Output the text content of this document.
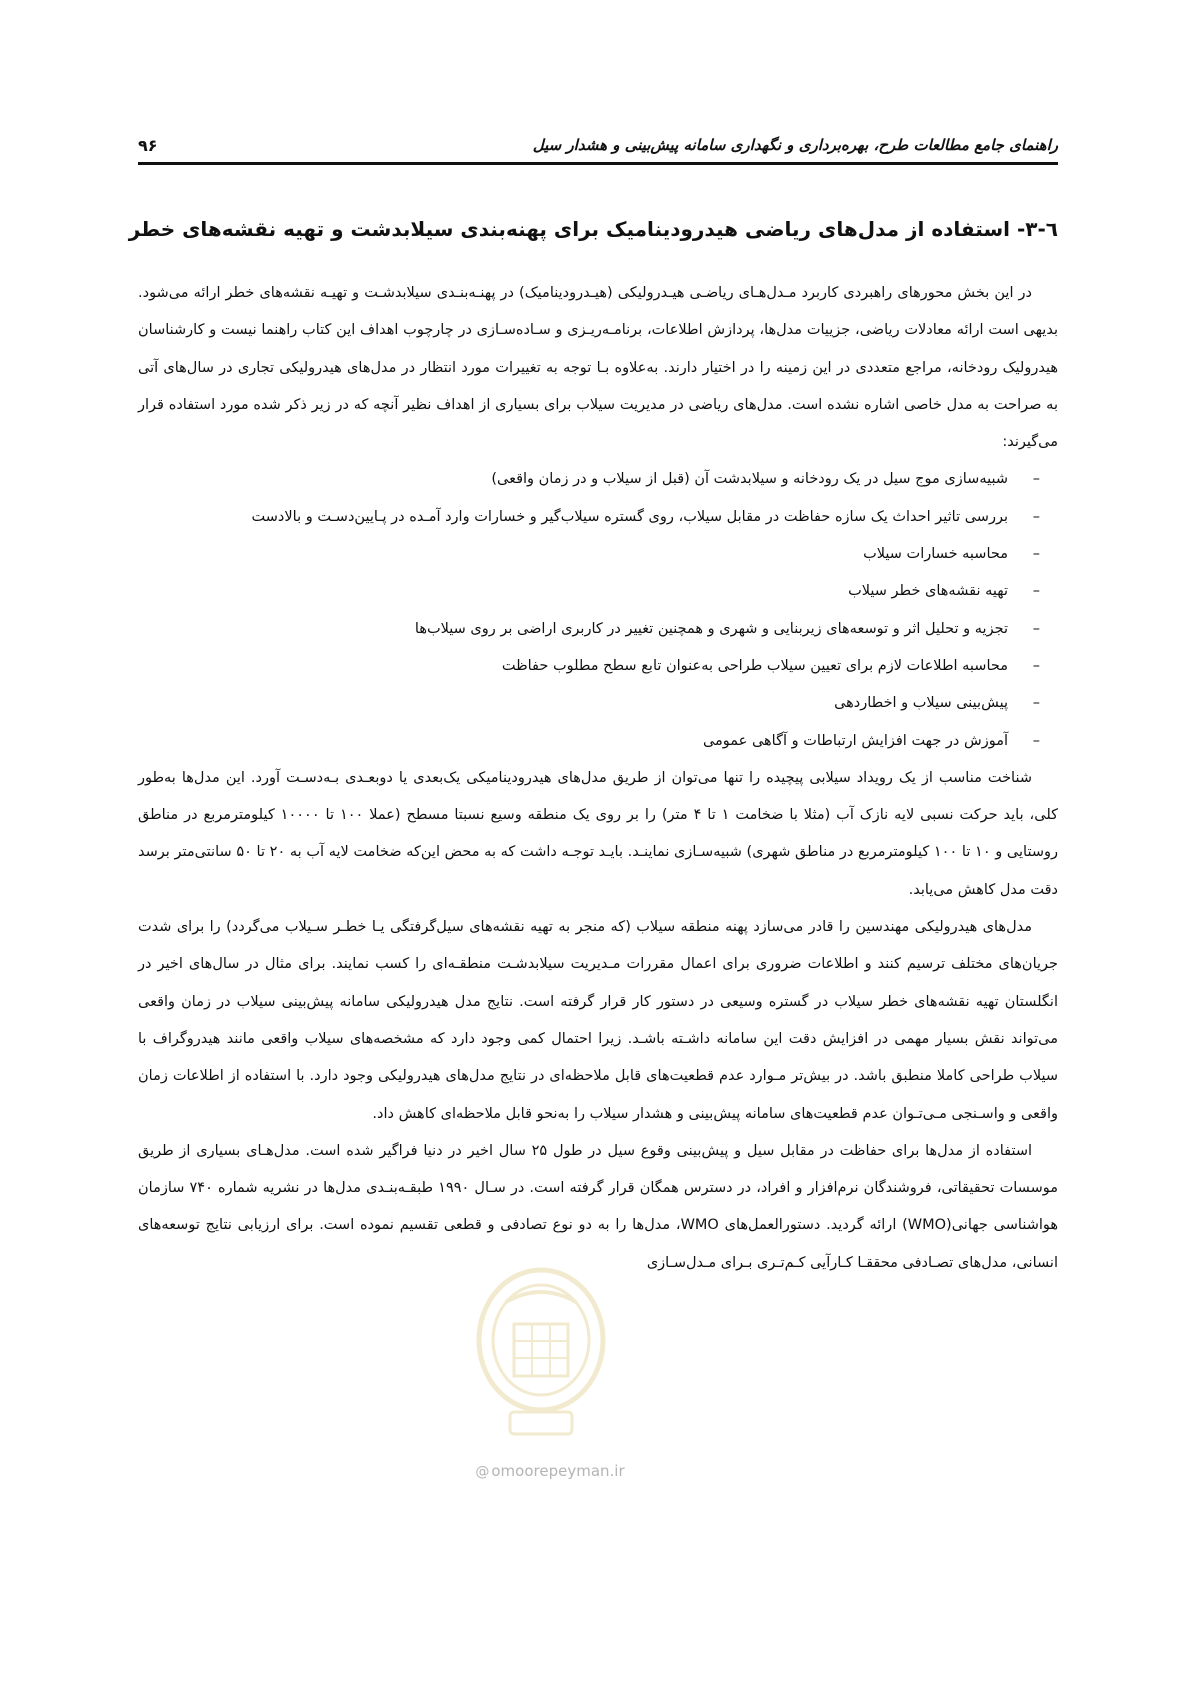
راهنمای جامع مطالعات طرح، بهره‌برداری و نگهداری سامانه پیش‌بینی و هشدار سیل
۹۶
٦-٣- استفاده از مدل‌های ریاضی هیدرودینامیک برای پهنه‌بندی سیلابدشت و تهیه نقشه‌های خطر

در این بخش محورهای راهبردی کاربرد مـدل‌هـای ریاضـی هیـدرولیکی (هیـدرودینامیک) در پهنـه‌بنـدی سیلابدشـت و تهیـه نقشه‌های خطر ارائه می‌شود. بدیهی است ارائه معادلات ریاضی، جزییات مدل‌ها، پردازش اطلاعات، برنامـه‌ریـزی و سـاده‌سـازی در چارچوب اهداف این کتاب راهنما نیست و کارشناسان هیدرولیک رودخانه، مراجع متعددی در این زمینه را در اختیار دارند. به‌علاوه بـا توجه به تغییرات مورد انتظار در مدل‌های هیدرولیکی تجاری در سال‌های آتی به صراحت به مدل خاصی اشاره نشده است. مدل‌های ریاضی در مدیریت سیلاب برای بسیاری از اهداف نظیر آنچه که در زیر ذکر شده مورد استفاده قرار می‌گیرند:

– شبیه‌سازی موج سیل در یک رودخانه و سیلابدشت آن (قبل از سیلاب و در زمان واقعی)
– بررسی تاثیر احداث یک سازه حفاظت در مقابل سیلاب، روی گستره سیلاب‌گیر و خسارات وارد آمـده در پـایین‌دسـت و بالادست
– محاسبه خسارات سیلاب
– تهیه نقشه‌های خطر سیلاب
– تجزیه و تحلیل اثر و توسعه‌های زیربنایی و شهری و همچنین تغییر در کاربری اراضی بر روی سیلاب‌ها
– محاسبه اطلاعات لازم برای تعیین سیلاب طراحی به‌عنوان تابع سطح مطلوب حفاظت
– پیش‌بینی سیلاب و اخطاردهی
– آموزش در جهت افزایش ارتباطات و آگاهی عمومی

شناخت مناسب از یک رویداد سیلابی پیچیده را تنها می‌توان از طریق مدل‌های هیدرودینامیکی یک‌بعدی یا دوبعـدی بـه‌دسـت آورد. این مدل‌ها به‌طور کلی، باید حرکت نسبی لایه نازک آب (مثلا با ضخامت ۱ تا ۴ متر) را بر روی یک منطقه وسیع نسبتا مسطح (عملا ۱۰۰ تا ۱۰۰۰۰ کیلومترمربع در مناطق روستایی و ۱۰ تا ۱۰۰ کیلومترمربع در مناطق شهری) شبیه‌سـازی نماینـد. بایـد توجـه داشت که به محض این‌که ضخامت لایه آب به ۲۰ تا ۵۰ سانتی‌متر برسد دقت مدل کاهش می‌یابد.

مدل‌های هیدرولیکی مهندسین را قادر می‌سازد پهنه منطقه سیلاب (که منجر به تهیه نقشه‌های سیل‌گرفتگی یـا خطـر سـیلاب می‌گردد) را برای شدت جریان‌های مختلف ترسیم کنند و اطلاعات ضروری برای اعمال مقررات مـدیریت سیلابدشـت منطقـه‌ای را کسب نمایند. برای مثال در سال‌های اخیر در انگلستان تهیه نقشه‌های خطر سیلاب در گستره وسیعی در دستور کار قرار گرفته است. نتایج مدل هیدرولیکی سامانه پیش‌بینی سیلاب در زمان واقعی می‌تواند نقش بسیار مهمی در افزایش دقت این سامانه داشـته باشـد. زیرا احتمال کمی وجود دارد که مشخصه‌های سیلاب واقعی مانند هیدروگراف با سیلاب طراحی کاملا منطبق باشد. در بیش‌تر مـوارد عدم قطعیت‌های قابل ملاحظه‌ای در نتایج مدل‌های هیدرولیکی وجود دارد. با استفاده از اطلاعات زمان واقعی و واسـنجی مـی‌تـوان عدم قطعیت‌های سامانه پیش‌بینی و هشدار سیلاب را به‌نحو قابل ملاحظه‌ای کاهش داد.

استفاده از مدل‌ها برای حفاظت در مقابل سیل و پیش‌بینی وقوع سیل در طول ۲۵ سال اخیر در دنیا فراگیر شده است. مدل‌هـای بسیاری از طریق موسسات تحقیقاتی، فروشندگان نرم‌افزار و افراد، در دسترس همگان قرار گرفته است. در سـال ۱۹۹۰ طبقـه‌بنـدی مدل‌ها در نشریه شماره ۷۴۰ سازمان هواشناسی جهانی(WMO) ارائه گردید. دستورالعمل‌های WMO، مدل‌ها را به دو نوع تصادفی و قطعی تقسیم نموده است. برای ارزیابی نتایج توسعه‌های انسانی، مدل‌های تصـادفی محققـا کـارآیی کـم‌تـری بـرای مـدل‌سـازی

@ omoorepeyman.ir
